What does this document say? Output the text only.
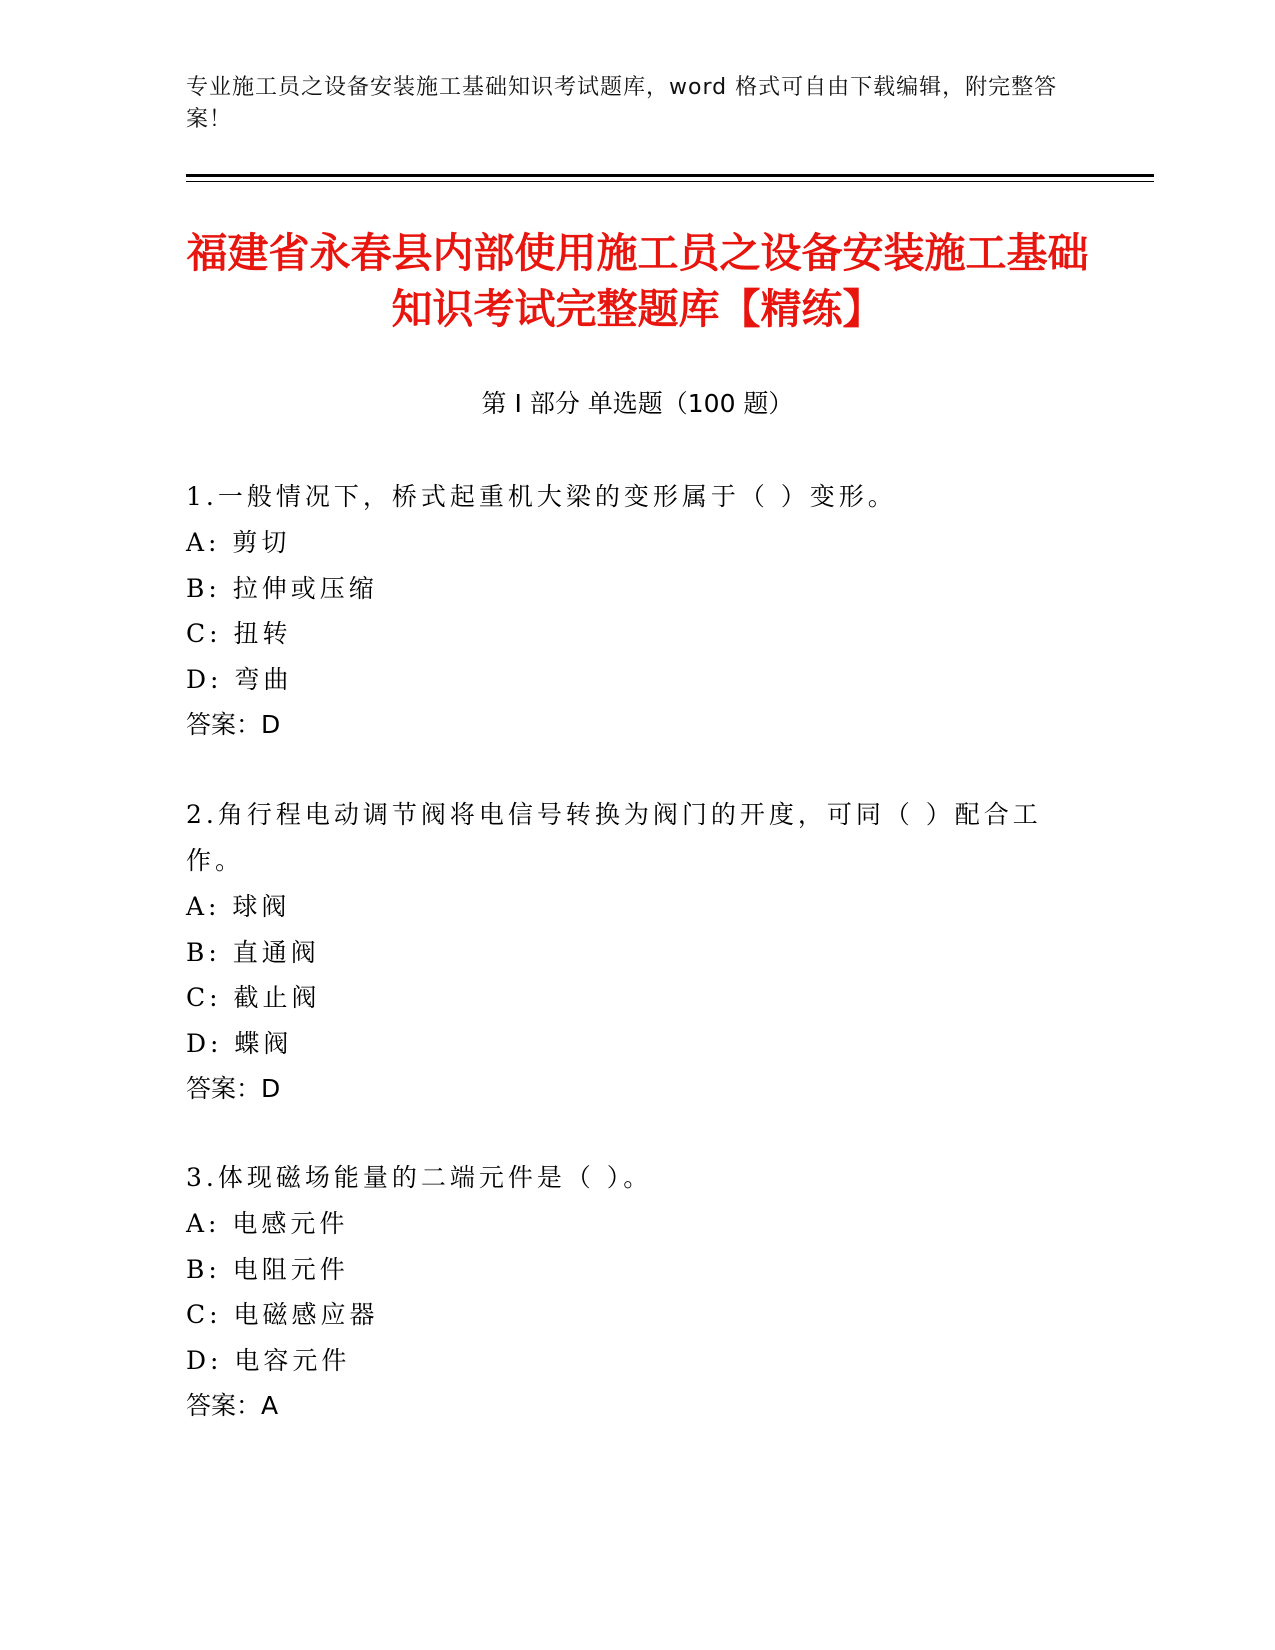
专业施工员之设备安装施工基础知识考试题库，word 格式可自由下载编辑，附完整答案！
福建省永春县内部使用施工员之设备安装施工基础知识考试完整题库【精练】
第 I 部分 单选题（100 题）

1.一般情况下，桥式起重机大梁的变形属于（ ）变形。

A: 剪切

B: 拉伸或压缩

C: 扭转

D: 弯曲

答案：D

2.角行程电动调节阀将电信号转换为阀门的开度，可同（ ）配合工作。

A: 球阀

B: 直通阀

C: 截止阀

D: 蝶阀

答案：D

3.体现磁场能量的二端元件是（ ）。

A: 电感元件

B: 电阻元件

C: 电磁感应器

D: 电容元件

答案：A
